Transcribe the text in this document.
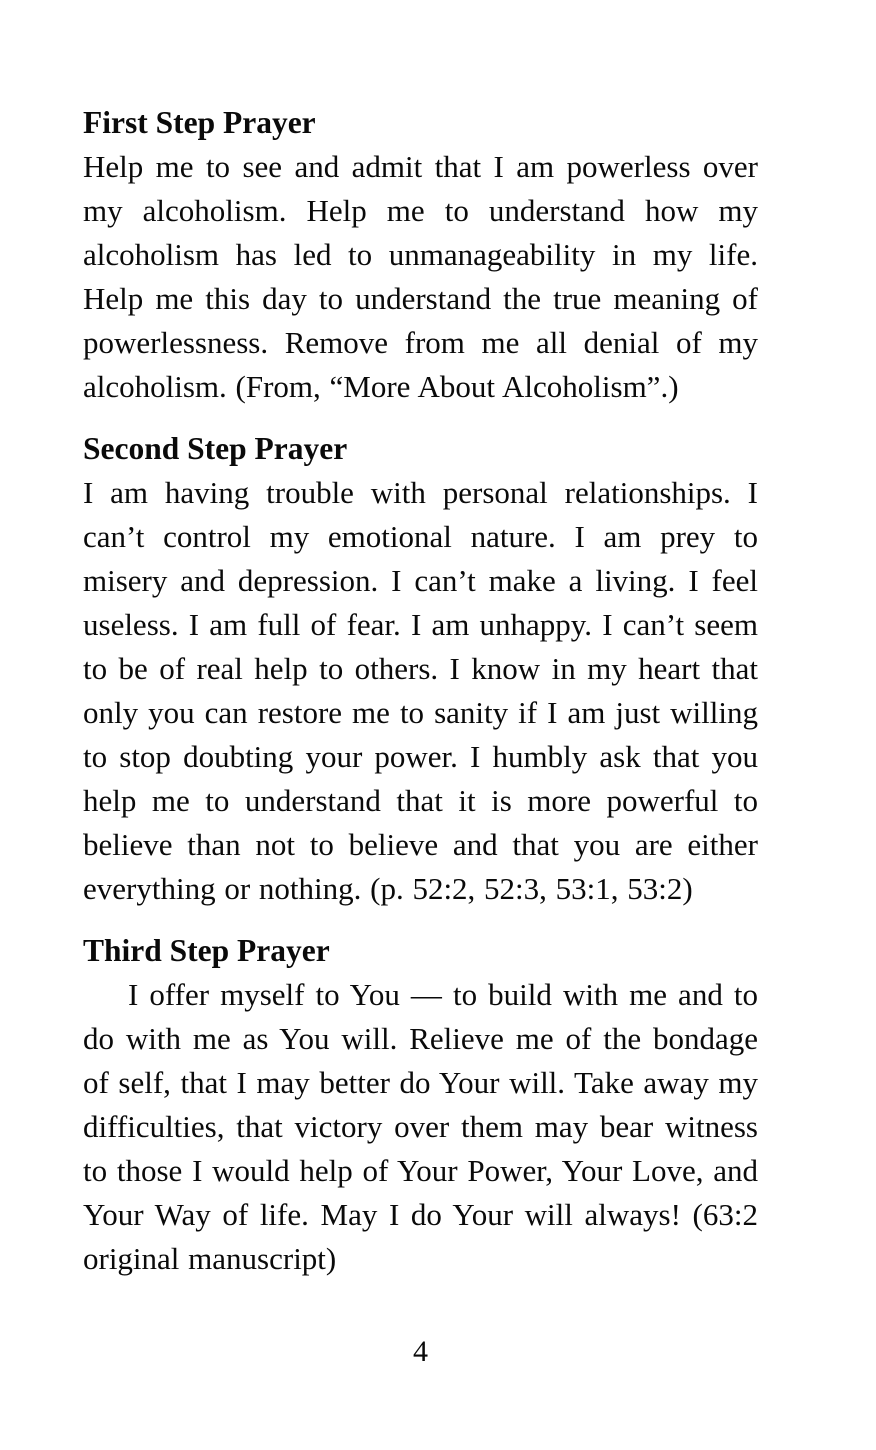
First Step Prayer

Help me to see and admit that I am powerless over my alcoholism. Help me to understand how my alcoholism has led to unmanageability in my life. Help me this day to understand the true meaning of powerlessness. Remove from me all denial of my alcoholism. (From, “More About Alcoholism”.)

Second Step Prayer

I am having trouble with personal relationships. I can’t control my emotional nature. I am prey to misery and depression. I can’t make a living. I feel useless. I am full of fear. I am unhappy. I can’t seem to be of real help to others. I know in my heart that only you can restore me to sanity if I am just willing to stop doubting your power. I humbly ask that you help me to understand that it is more powerful to believe than not to believe and that you are either everything or nothing. (p. 52:2, 52:3, 53:1, 53:2)

Third Step Prayer

I offer myself to You — to build with me and to do with me as You will. Relieve me of the bondage of self, that I may better do Your will. Take away my difficulties, that victory over them may bear witness to those I would help of Your Power, Your Love, and Your Way of life. May I do Your will always! (63:2 original manuscript)

4
